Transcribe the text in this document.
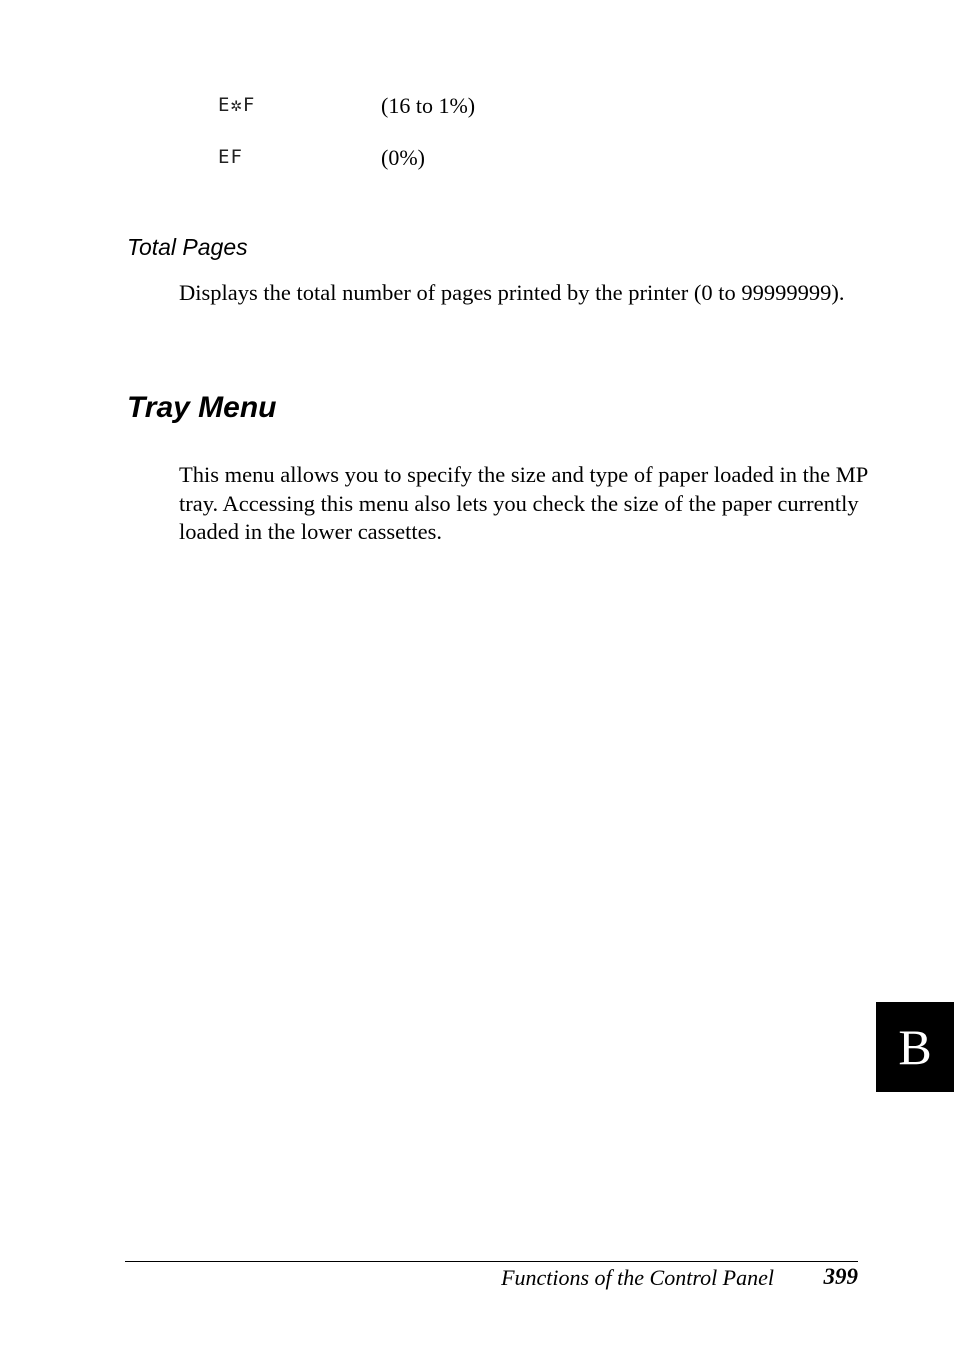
E✲F	(16 to 1%)
EF	(0%)
Total Pages

Displays the total number of pages printed by the printer (0 to 99999999).

Tray Menu

This menu allows you to specify the size and type of paper loaded in the MP tray. Accessing this menu also lets you check the size of the paper currently loaded in the lower cassettes.

B
Functions of the Control Panel 399
